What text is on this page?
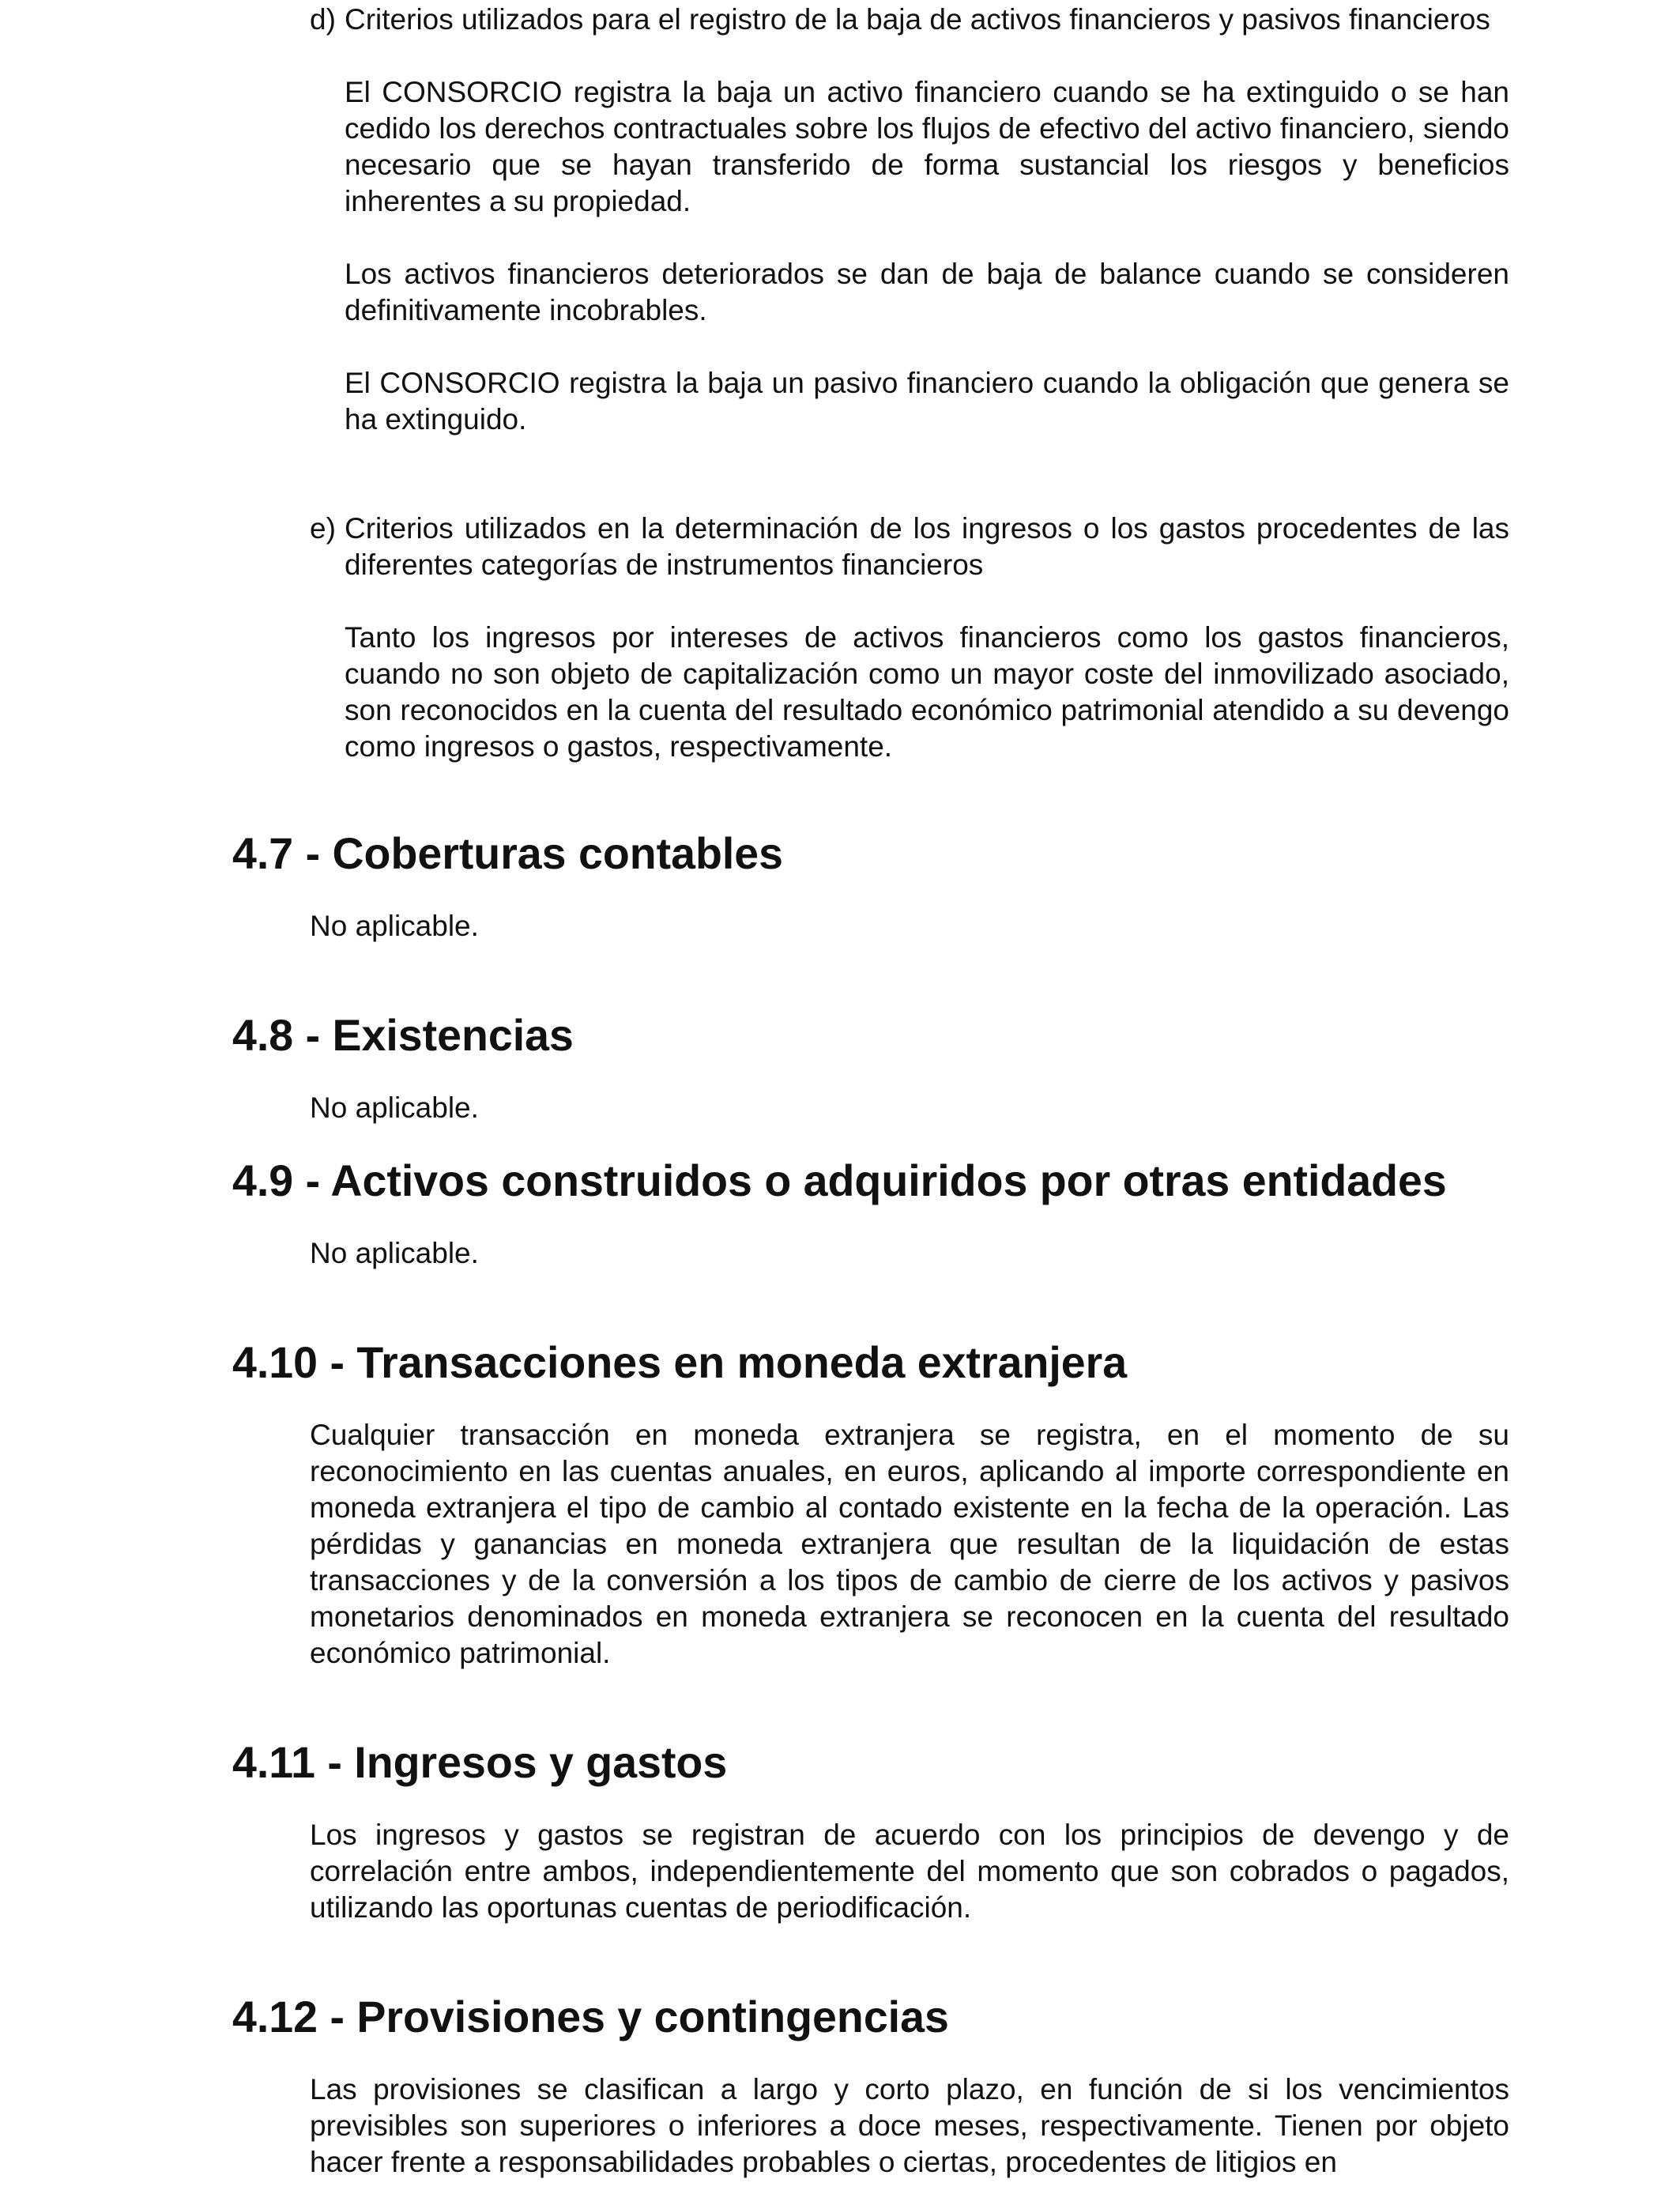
d) Criterios utilizados para el registro de la baja de activos financieros y pasivos financieros

El CONSORCIO registra la baja un activo financiero cuando se ha extinguido o se han cedido los derechos contractuales sobre los flujos de efectivo del activo financiero, siendo necesario que se hayan transferido de forma sustancial los riesgos y beneficios inherentes a su propiedad.

Los activos financieros deteriorados se dan de baja de balance cuando se consideren definitivamente incobrables.

El CONSORCIO registra la baja un pasivo financiero cuando la obligación que genera se ha extinguido.

e) Criterios utilizados en la determinación de los ingresos o los gastos procedentes de las diferentes categorías de instrumentos financieros

Tanto los ingresos por intereses de activos financieros como los gastos financieros, cuando no son objeto de capitalización como un mayor coste del inmovilizado asociado, son reconocidos en la cuenta del resultado económico patrimonial atendido a su devengo como ingresos o gastos, respectivamente.

4.7 - Coberturas contables

No aplicable.

4.8 - Existencias

No aplicable.

4.9 - Activos construidos o adquiridos por otras entidades

No aplicable.

4.10 - Transacciones en moneda extranjera

Cualquier transacción en moneda extranjera se registra, en el momento de su reconocimiento en las cuentas anuales, en euros, aplicando al importe correspondiente en moneda extranjera el tipo de cambio al contado existente en la fecha de la operación. Las pérdidas y ganancias en moneda extranjera que resultan de la liquidación de estas transacciones y de la conversión a los tipos de cambio de cierre de los activos y pasivos monetarios denominados en moneda extranjera se reconocen en la cuenta del resultado económico patrimonial.

4.11 - Ingresos y gastos

Los ingresos y gastos se registran de acuerdo con los principios de devengo y de correlación entre ambos, independientemente del momento que son cobrados o pagados, utilizando las oportunas cuentas de periodificación.

4.12 - Provisiones y contingencias

Las provisiones se clasifican a largo y corto plazo, en función de si los vencimientos previsibles son superiores o inferiores a doce meses, respectivamente. Tienen por objeto hacer frente a responsabilidades probables o ciertas, procedentes de litigios en
